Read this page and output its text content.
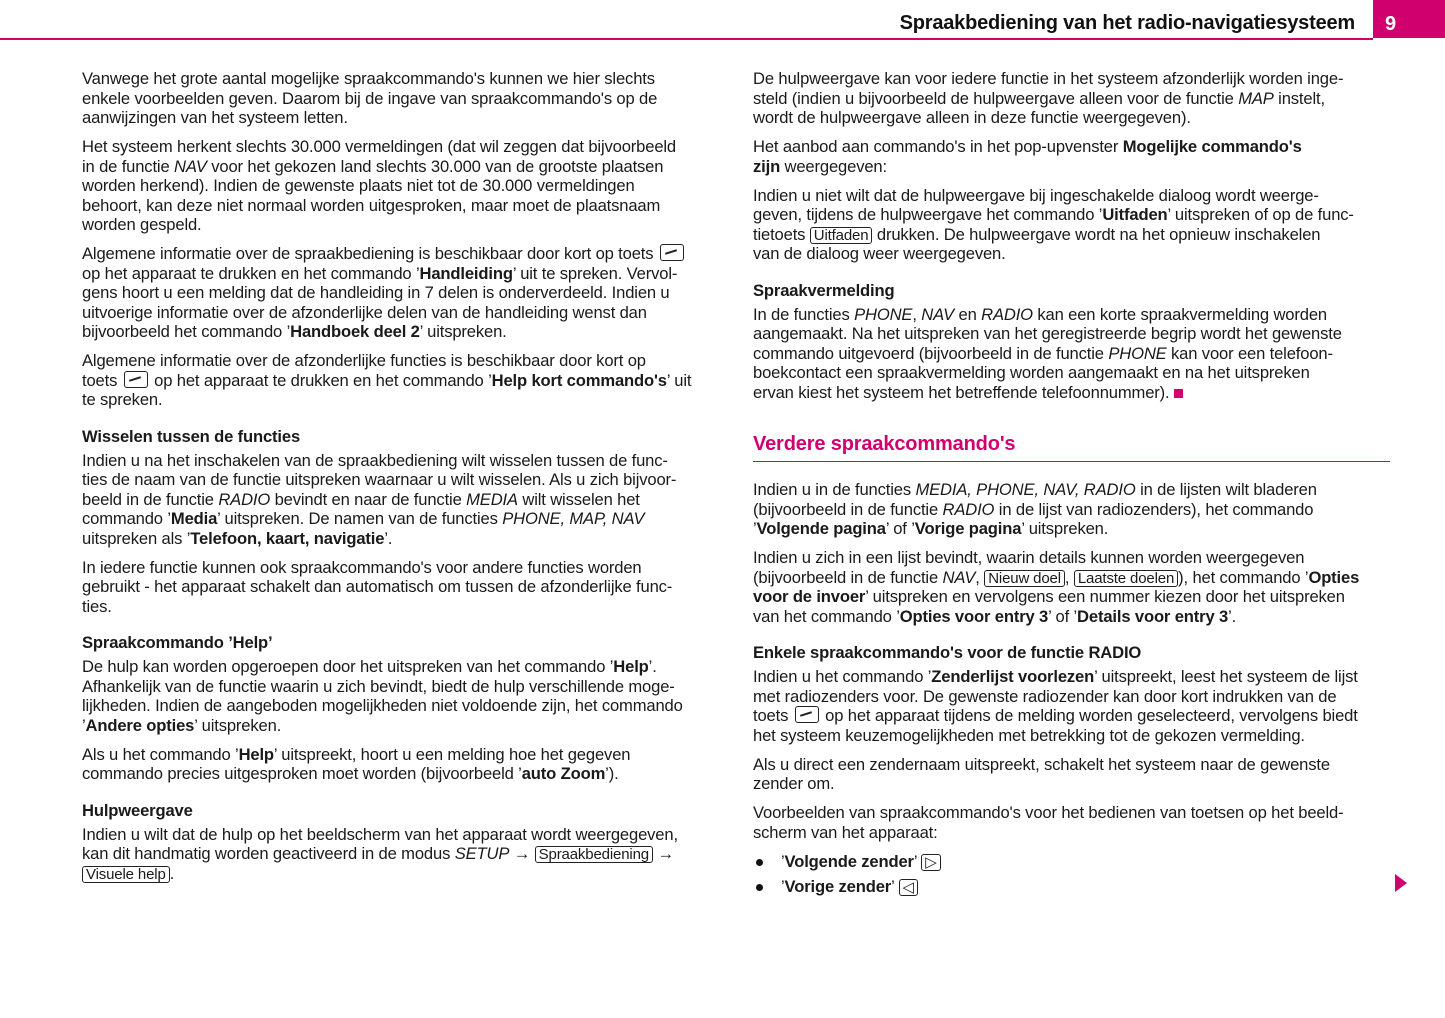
Spraakbediening van het radio-navigatiesysteem	9
Vanwege het grote aantal mogelijke spraakcommando's kunnen we hier slechts
enkele voorbeelden geven. Daarom bij de ingave van spraakcommando's op de
aanwijzingen van het systeem letten.
Het systeem herkent slechts 30.000 vermeldingen (dat wil zeggen dat bijvoorbeeld
in de functie NAV voor het gekozen land slechts 30.000 van de grootste plaatsen
worden herkend). Indien de gewenste plaats niet tot de 30.000 vermeldingen
behoort, kan deze niet normaal worden uitgesproken, maar moet de plaatsnaam
worden gespeld.
Algemene informatie over de spraakbediening is beschikbaar door kort op toets
op het apparaat te drukken en het commando ’Handleiding’ uit te spreken. Vervol-
gens hoort u een melding dat de handleiding in 7 delen is onderverdeeld. Indien u
uitvoerige informatie over de afzonderlijke delen van de handleiding wenst dan
bijvoorbeeld het commando ’Handboek deel 2’ uitspreken.
Algemene informatie over de afzonderlijke functies is beschikbaar door kort op
toets  op het apparaat te drukken en het commando ’Help kort commando's’ uit
te spreken.
Wisselen tussen de functies
Indien u na het inschakelen van de spraakbediening wilt wisselen tussen de func-
ties de naam van de functie uitspreken waarnaar u wilt wisselen. Als u zich bijvoor-
beeld in de functie RADIO bevindt en naar de functie MEDIA wilt wisselen het
commando ’Media’ uitspreken. De namen van de functies PHONE, MAP, NAV
uitspreken als ’Telefoon, kaart, navigatie’.
In iedere functie kunnen ook spraakcommando's voor andere functies worden
gebruikt - het apparaat schakelt dan automatisch om tussen de afzonderlijke func-
ties.
Spraakcommando ’Help’
De hulp kan worden opgeroepen door het uitspreken van het commando ’Help’.
Afhankelijk van de functie waarin u zich bevindt, biedt de hulp verschillende moge-
lijkheden. Indien de aangeboden mogelijkheden niet voldoende zijn, het commando
’Andere opties’ uitspreken.
Als u het commando ’Help’ uitspreekt, hoort u een melding hoe het gegeven
commando precies uitgesproken moet worden (bijvoorbeeld ’auto Zoom’).
Hulpweergave
Indien u wilt dat de hulp op het beeldscherm van het apparaat wordt weergegeven,
kan dit handmatig worden geactiveerd in de modus SETUP → Spraakbediening →
Visuele help .
De hulpweergave kan voor iedere functie in het systeem afzonderlijk worden inge-
steld (indien u bijvoorbeeld de hulpweergave alleen voor de functie MAP instelt,
wordt de hulpweergave alleen in deze functie weergegeven).
Het aanbod aan commando's in het pop-upvenster Mogelijke commando's
zijn weergegeven:
Indien u niet wilt dat de hulpweergave bij ingeschakelde dialoog wordt weerge-
geven, tijdens de hulpweergave het commando ’Uitfaden’ uitspreken of op de func-
tietoets Uitfaden drukken. De hulpweergave wordt na het opnieuw inschakelen
van de dialoog weer weergegeven.
Spraakvermelding
In de functies PHONE, NAV en RADIO kan een korte spraakvermelding worden
aangemaakt. Na het uitspreken van het geregistreerde begrip wordt het gewenste
commando uitgevoerd (bijvoorbeeld in de functie PHONE kan voor een telefoon-
boekcontact een spraakvermelding worden aangemaakt en na het uitspreken
ervan kiest het systeem het betreffende telefoonnummer).
Verdere spraakcommando's
Indien u in de functies MEDIA, PHONE, NAV, RADIO in de lijsten wilt bladeren
(bijvoorbeeld in de functie RADIO in de lijst van radiozenders), het commando
’Volgende pagina’ of ’Vorige pagina’ uitspreken.
Indien u zich in een lijst bevindt, waarin details kunnen worden weergegeven
(bijvoorbeeld in de functie NAV, Nieuw doel , Laatste doelen ), het commando ’Opties
voor de invoer’ uitspreken en vervolgens een nummer kiezen door het uitspreken
van het commando ’Opties voor entry 3’ of ’Details voor entry 3’.
Enkele spraakcommando's voor de functie RADIO
Indien u het commando ’Zenderlijst voorlezen’ uitspreekt, leest het systeem de lijst
met radiozenders voor. De gewenste radiozender kan door kort indrukken van de
toets  op het apparaat tijdens de melding worden geselecteerd, vervolgens biedt
het systeem keuzemogelijkheden met betrekking tot de gekozen vermelding.
Als u direct een zendernaam uitspreekt, schakelt het systeem naar de gewenste
zender om.
Voorbeelden van spraakcommando's voor het bedienen van toetsen op het beeld-
scherm van het apparaat:
’Volgende zender’ ▷
’Vorige zender’ ◁
